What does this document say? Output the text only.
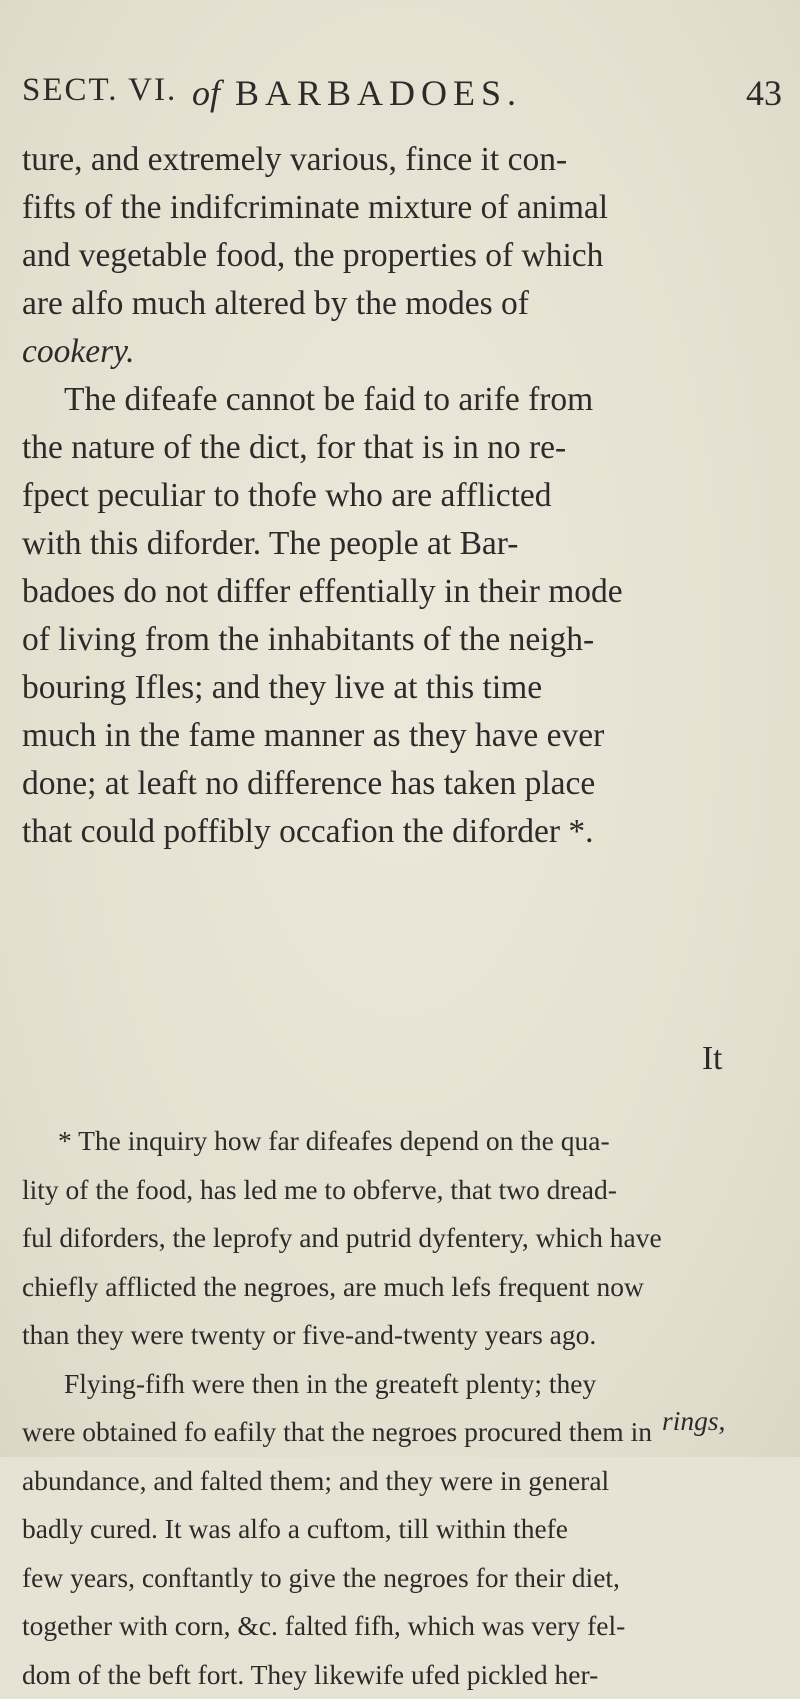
SECT. VI. of BARBADOES.	43
ture, and extremely various, fince it con-
fifts of the indifcriminate mixture of animal
and vegetable food, the properties of which
are alfo much altered by the modes of
cookery.
The difeafe cannot be faid to arife from
the nature of the dict, for that is in no re-
fpect peculiar to thofe who are afflicted
with this diforder. The people at Bar-
badoes do not differ effentially in their mode
of living from the inhabitants of the neigh-
bouring Ifles; and they live at this time
much in the fame manner as they have ever
done; at leaft no difference has taken place
that could poffibly occafion the diforder *.
It
* The inquiry how far difeafes depend on the qua-
lity of the food, has led me to obferve, that two dread-
ful diforders, the leprofy and putrid dyfentery, which have
chiefly afflicted the negroes, are much lefs frequent now
than they were twenty or five-and-twenty years ago.
Flying-fifh were then in the greateft plenty; they
were obtained fo eafily that the negroes procured them in
abundance, and falted them; and they were in general
badly cured. It was alfo a cuftom, till within thefe
few years, conftantly to give the negroes for their diet,
together with corn, &c. falted fifh, which was very fel-
dom of the beft fort. They likewife ufed pickled her-
rings,
